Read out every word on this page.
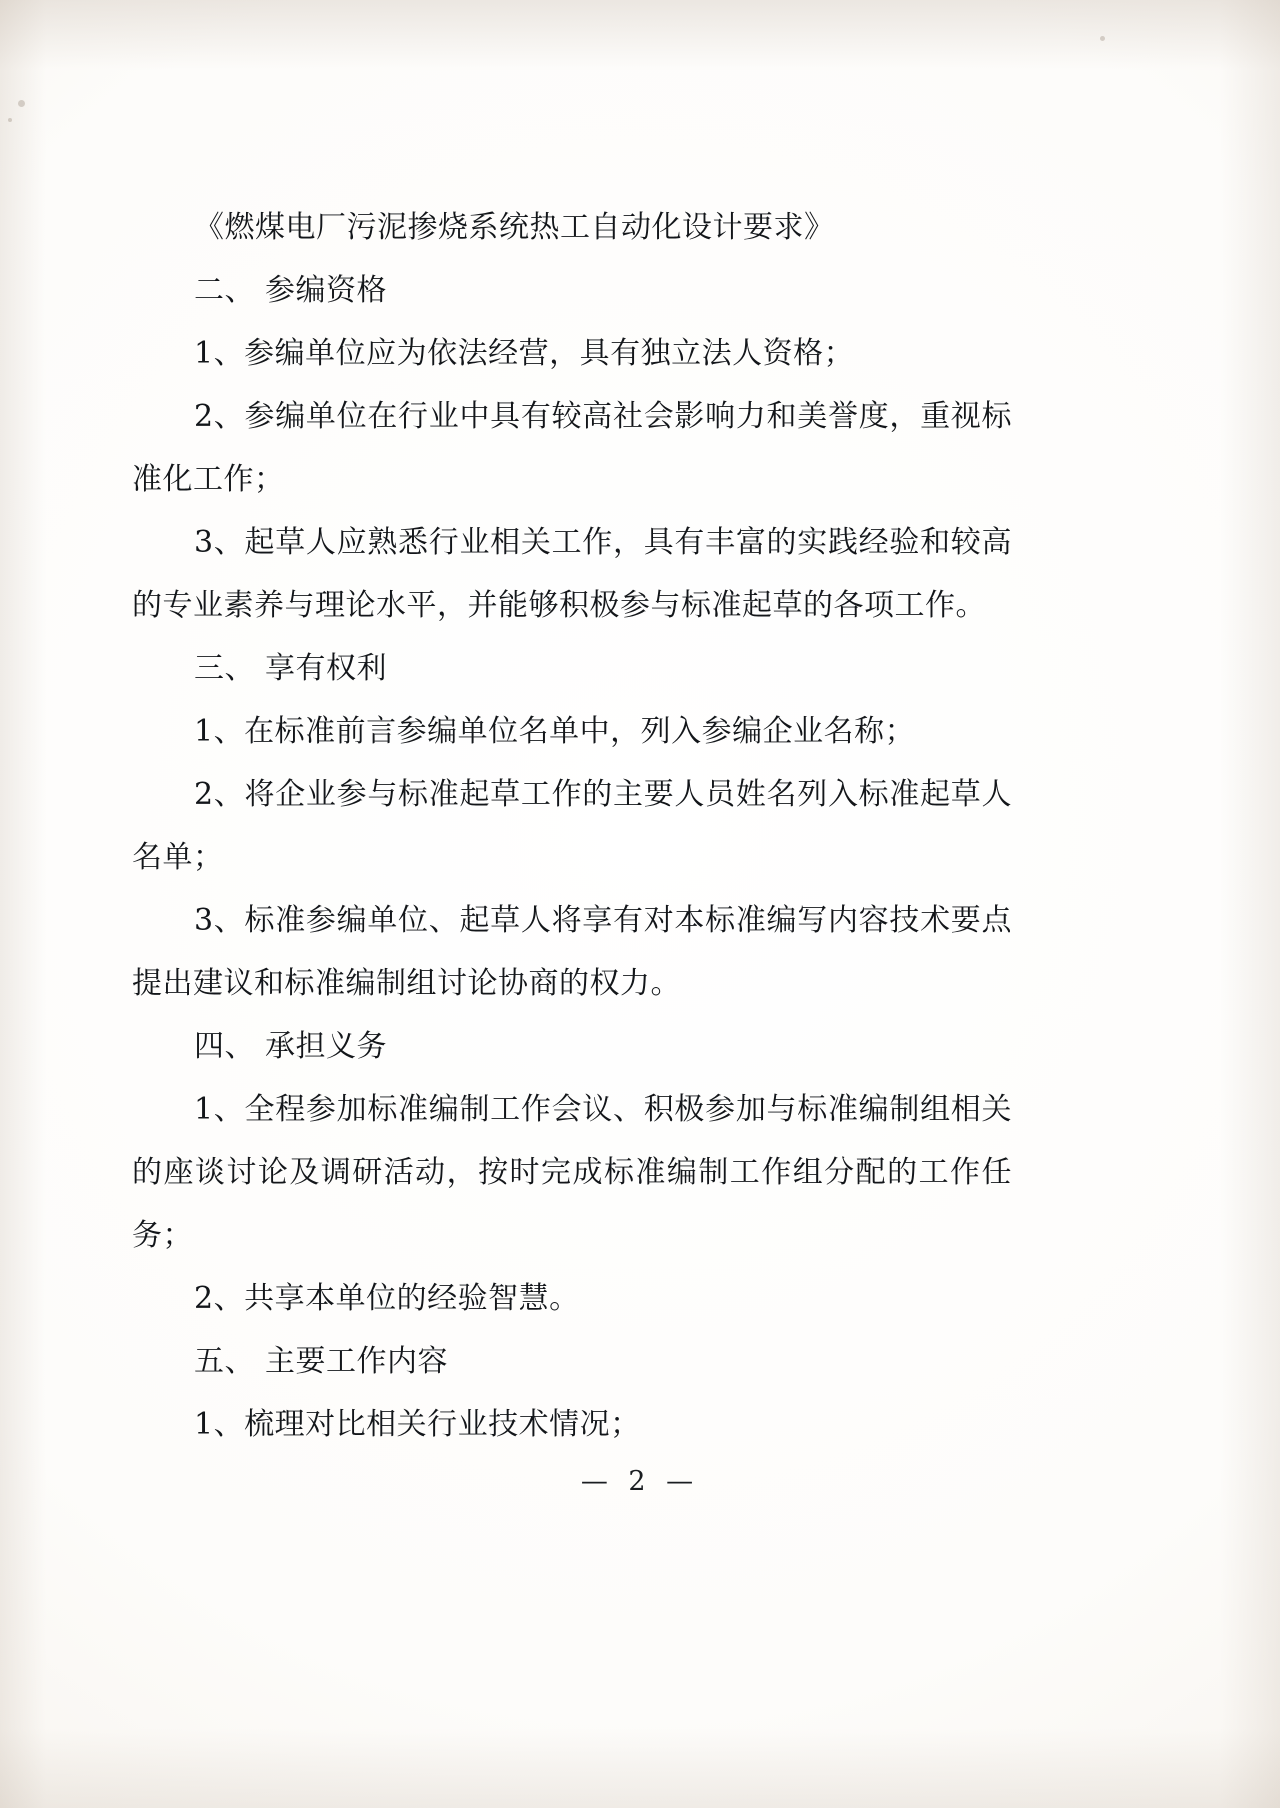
《燃煤电厂污泥掺烧系统热工自动化设计要求》

二、 参编资格

1、参编单位应为依法经营，具有独立法人资格；

2、参编单位在行业中具有较高社会影响力和美誉度，重视标准化工作；

3、起草人应熟悉行业相关工作，具有丰富的实践经验和较高的专业素养与理论水平，并能够积极参与标准起草的各项工作。

三、 享有权利

1、在标准前言参编单位名单中，列入参编企业名称；

2、将企业参与标准起草工作的主要人员姓名列入标准起草人名单；

3、标准参编单位、起草人将享有对本标准编写内容技术要点提出建议和标准编制组讨论协商的权力。

四、 承担义务

1、全程参加标准编制工作会议、积极参加与标准编制组相关的座谈讨论及调研活动，按时完成标准编制工作组分配的工作任务；

2、共享本单位的经验智慧。

五、 主要工作内容

1、梳理对比相关行业技术情况；

— 2 —
